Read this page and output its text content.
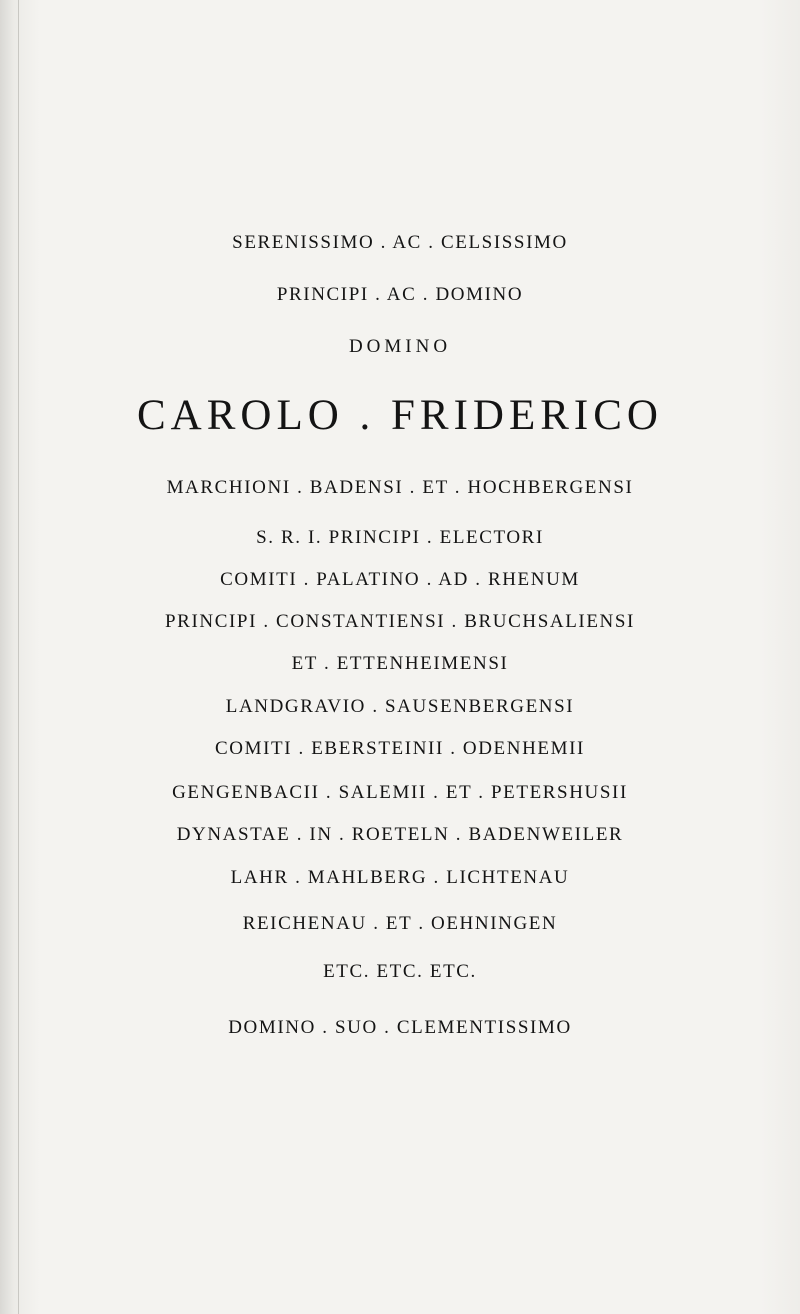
SERENISSIMO . AC . CELSISSIMO
PRINCIPI . AC . DOMINO
DOMINO
CAROLO . FRIDERICO
MARCHIONI . BADENSI . ET . HOCHBERGENSI
S. R. I. PRINCIPI . ELECTORI
COMITI . PALATINO . AD . RHENUM
PRINCIPI . CONSTANTIENSI . BRUCHSALIENSI
ET . ETTENHEIMENSI
LANDGRAVIO . SAUSENBERGENSI
COMITI . EBERSTEINII . ODENHEMII
GENGENBACII . SALEMII . ET . PETERSHUSII
DYNASTAE . IN . ROETELN . BADENWEILER
LAHR . MAHLBERG . LICHTENAU
REICHENAU . ET . OEHNINGEN
ETC. ETC. ETC.
DOMINO . SUO . CLEMENTISSIMO
